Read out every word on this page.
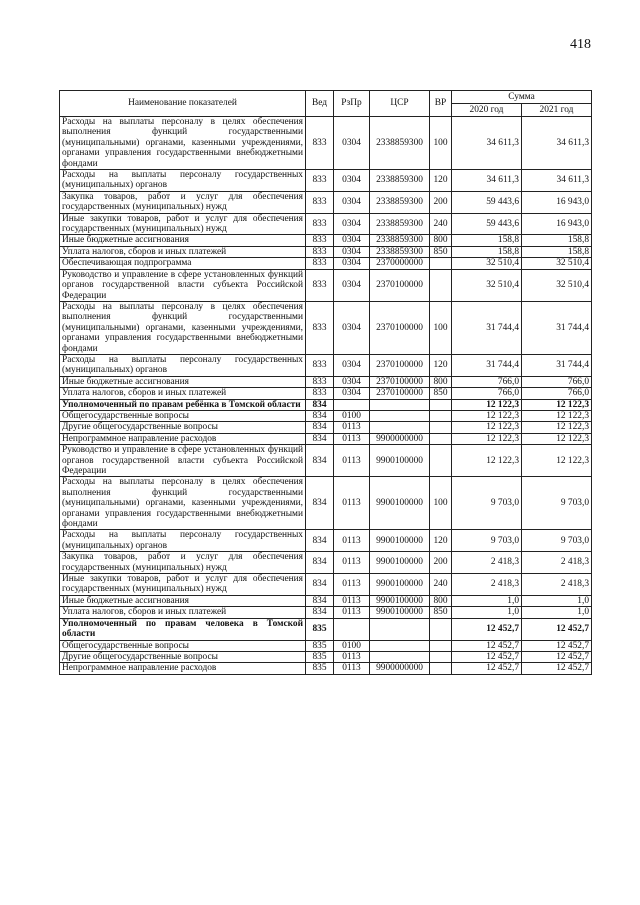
418
Наименование показателей	Вед	РзПр	ЦСР	ВР	Сумма	
					2020 год	2021 год
Расходы на выплаты персоналу в целях обеспечения выполнения функций государственными (муниципальными) органами, казенными учреждениями, органами управления государственными внебюджетными фондами	833	0304	2338859300	100	34 611,3	34 611,3
Расходы на выплаты персоналу государственных (муниципальных) органов	833	0304	2338859300	120	34 611,3	34 611,3
Закупка товаров, работ и услуг для обеспечения государственных (муниципальных) нужд	833	0304	2338859300	200	59 443,6	16 943,0
Иные закупки товаров, работ и услуг для обеспечения государственных (муниципальных) нужд	833	0304	2338859300	240	59 443,6	16 943,0
Иные бюджетные ассигнования	833	0304	2338859300	800	158,8	158,8
Уплата налогов, сборов и иных платежей	833	0304	2338859300	850	158,8	158,8
Обеспечивающая подпрограмма	833	0304	2370000000		32 510,4	32 510,4
Руководство и управление в сфере установленных функций органов государственной власти субъекта Российской Федерации	833	0304	2370100000		32 510,4	32 510,4
Расходы на выплаты персоналу в целях обеспечения выполнения функций государственными (муниципальными) органами, казенными учреждениями, органами управления государственными внебюджетными фондами	833	0304	2370100000	100	31 744,4	31 744,4
Расходы на выплаты персоналу государственных (муниципальных) органов	833	0304	2370100000	120	31 744,4	31 744,4
Иные бюджетные ассигнования	833	0304	2370100000	800	766,0	766,0
Уплата налогов, сборов и иных платежей	833	0304	2370100000	850	766,0	766,0
Уполномоченный по правам ребёнка в Томской области	834				12 122,3	12 122,3
Общегосударственные вопросы	834	0100			12 122,3	12 122,3
Другие общегосударственные вопросы	834	0113			12 122,3	12 122,3
Непрограммное направление расходов	834	0113	9900000000		12 122,3	12 122,3
Руководство и управление в сфере установленных функций органов государственной власти субъекта Российской Федерации	834	0113	9900100000		12 122,3	12 122,3
Расходы на выплаты персоналу в целях обеспечения выполнения функций государственными (муниципальными) органами, казенными учреждениями, органами управления государственными внебюджетными фондами	834	0113	9900100000	100	9 703,0	9 703,0
Расходы на выплаты персоналу государственных (муниципальных) органов	834	0113	9900100000	120	9 703,0	9 703,0
Закупка товаров, работ и услуг для обеспечения государственных (муниципальных) нужд	834	0113	9900100000	200	2 418,3	2 418,3
Иные закупки товаров, работ и услуг для обеспечения государственных (муниципальных) нужд	834	0113	9900100000	240	2 418,3	2 418,3
Иные бюджетные ассигнования	834	0113	9900100000	800	1,0	1,0
Уплата налогов, сборов и иных платежей	834	0113	9900100000	850	1,0	1,0
Уполномоченный по правам человека в Томской области	835				12 452,7	12 452,7
Общегосударственные вопросы	835	0100			12 452,7	12 452,7
Другие общегосударственные вопросы	835	0113			12 452,7	12 452,7
Непрограммное направление расходов	835	0113	9900000000		12 452,7	12 452,7
